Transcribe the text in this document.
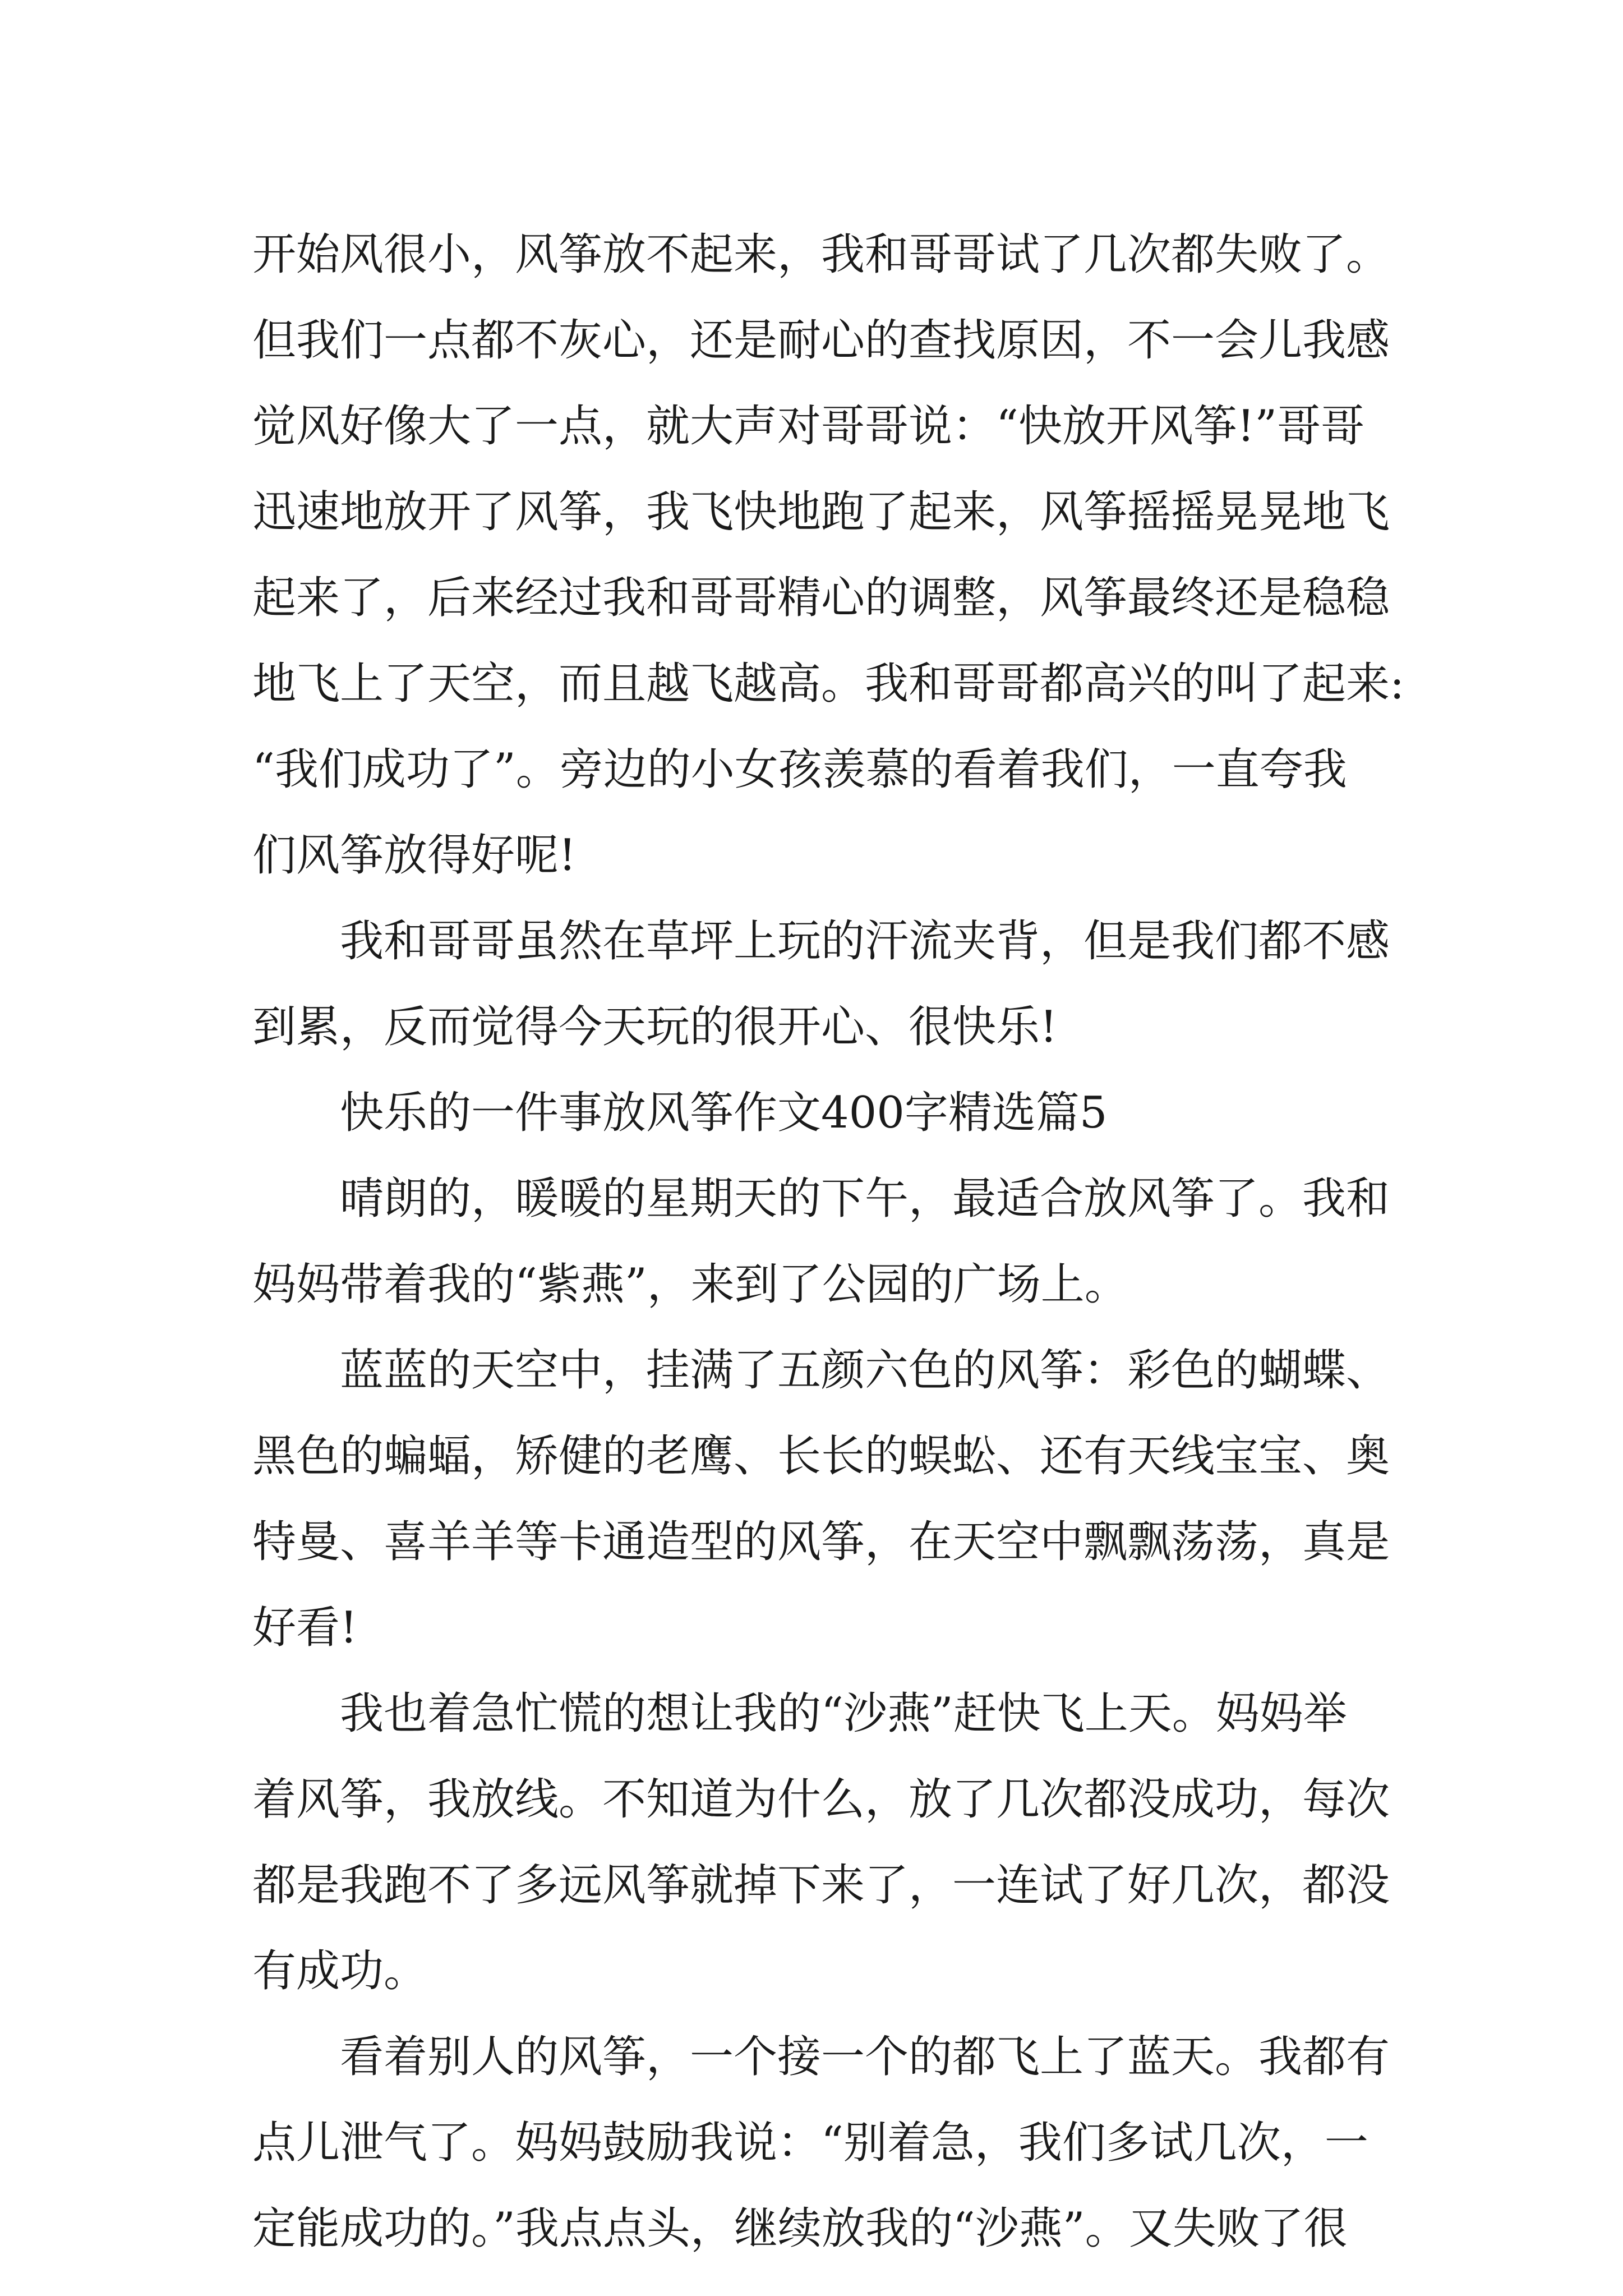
开始风很小，风筝放不起来，我和哥哥试了几次都失败了。
但我们一点都不灰心，还是耐心的查找原因，不一会儿我感
觉风好像大了一点，就大声对哥哥说：“快放开风筝!”哥哥
迅速地放开了风筝，我飞快地跑了起来，风筝摇摇晃晃地飞
起来了，后来经过我和哥哥精心的调整，风筝最终还是稳稳
地飞上了天空，而且越飞越高。我和哥哥都高兴的叫了起来:
“我们成功了”。旁边的小女孩羡慕的看着我们，一直夸我
们风筝放得好呢!
　　我和哥哥虽然在草坪上玩的汗流夹背，但是我们都不感
到累，反而觉得今天玩的很开心、很快乐!
　　快乐的一件事放风筝作文400字精选篇5
　　晴朗的，暖暖的星期天的下午，最适合放风筝了。我和
妈妈带着我的“紫燕”，来到了公园的广场上。
　　蓝蓝的天空中，挂满了五颜六色的风筝：彩色的蝴蝶、
黑色的蝙蝠，矫健的老鹰、长长的蜈蚣、还有天线宝宝、奥
特曼、喜羊羊等卡通造型的风筝，在天空中飘飘荡荡，真是
好看!
　　我也着急忙慌的想让我的“沙燕”赶快飞上天。妈妈举
着风筝，我放线。不知道为什么，放了几次都没成功，每次
都是我跑不了多远风筝就掉下来了，一连试了好几次，都没
有成功。
　　看着别人的风筝，一个接一个的都飞上了蓝天。我都有
点儿泄气了。妈妈鼓励我说：“别着急，我们多试几次，一
定能成功的。”我点点头，继续放我的“沙燕”。又失败了很
